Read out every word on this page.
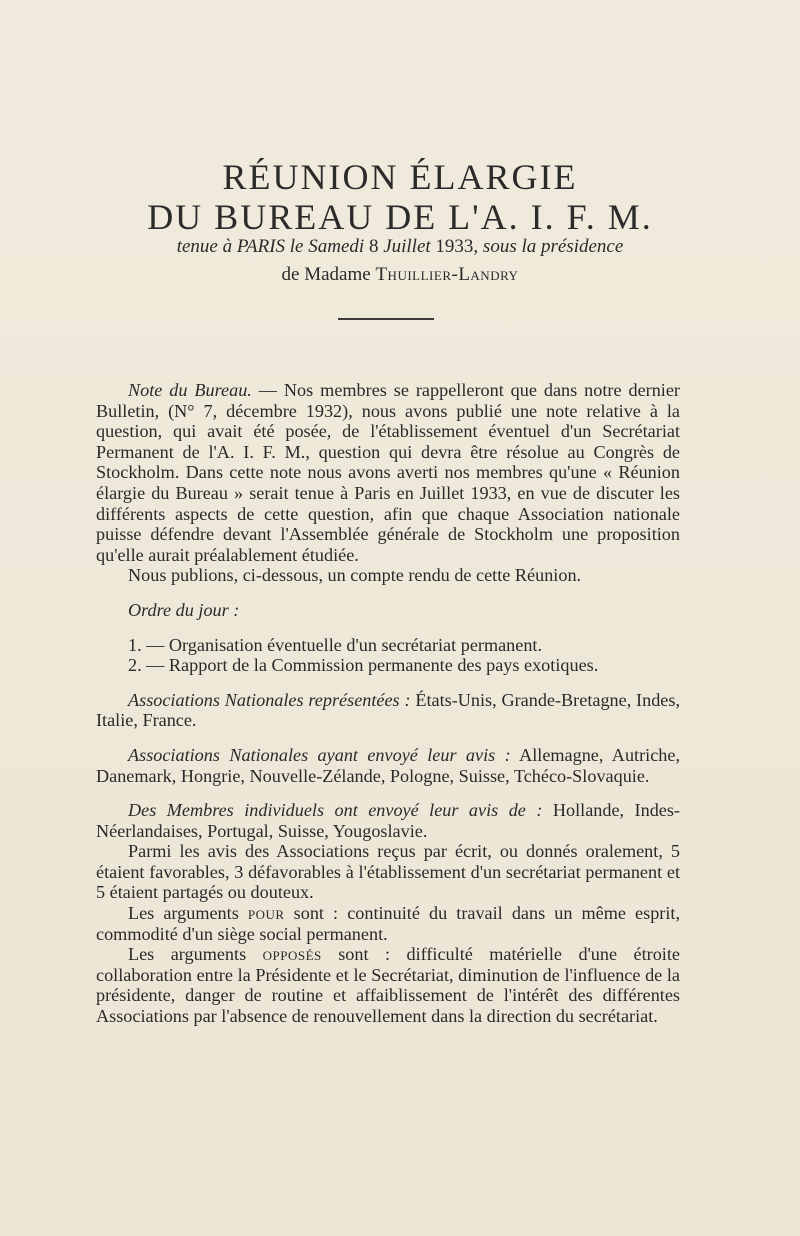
RÉUNION ÉLARGIE
DU BUREAU DE L'A. I. F. M.
tenue à PARIS le Samedi 8 Juillet 1933, sous la présidence
de Madame Thuillier-Landry

Note du Bureau. — Nos membres se rappelleront que dans notre dernier Bulletin, (N° 7, décembre 1932), nous avons publié une note relative à la question, qui avait été posée, de l'établissement éventuel d'un Secrétariat Permanent de l'A. I. F. M., question qui devra être résolue au Congrès de Stockholm. Dans cette note nous avons averti nos membres qu'une « Réunion élargie du Bureau » serait tenue à Paris en Juillet 1933, en vue de discuter les différents aspects de cette question, afin que chaque Association nationale puisse défendre devant l'Assemblée générale de Stockholm une proposition qu'elle aurait préalablement étudiée.

Nous publions, ci-dessous, un compte rendu de cette Réunion.

Ordre du jour :

1. — Organisation éventuelle d'un secrétariat permanent.

2. — Rapport de la Commission permanente des pays exotiques.

Associations Nationales représentées : États-Unis, Grande-Bretagne, Indes, Italie, France.

Associations Nationales ayant envoyé leur avis : Allemagne, Autriche, Danemark, Hongrie, Nouvelle-Zélande, Pologne, Suisse, Tchéco-Slovaquie.

Des Membres individuels ont envoyé leur avis de : Hollande, Indes-Néerlandaises, Portugal, Suisse, Yougoslavie.

Parmi les avis des Associations reçus par écrit, ou donnés oralement, 5 étaient favorables, 3 défavorables à l'établissement d'un secrétariat permanent et 5 étaient partagés ou douteux.

Les arguments pour sont : continuité du travail dans un même esprit, commodité d'un siège social permanent.

Les arguments opposés sont : difficulté matérielle d'une étroite collaboration entre la Présidente et le Secrétariat, diminution de l'influence de la présidente, danger de routine et affaiblissement de l'intérêt des différentes Associations par l'absence de renouvellement dans la direction du secrétariat.
